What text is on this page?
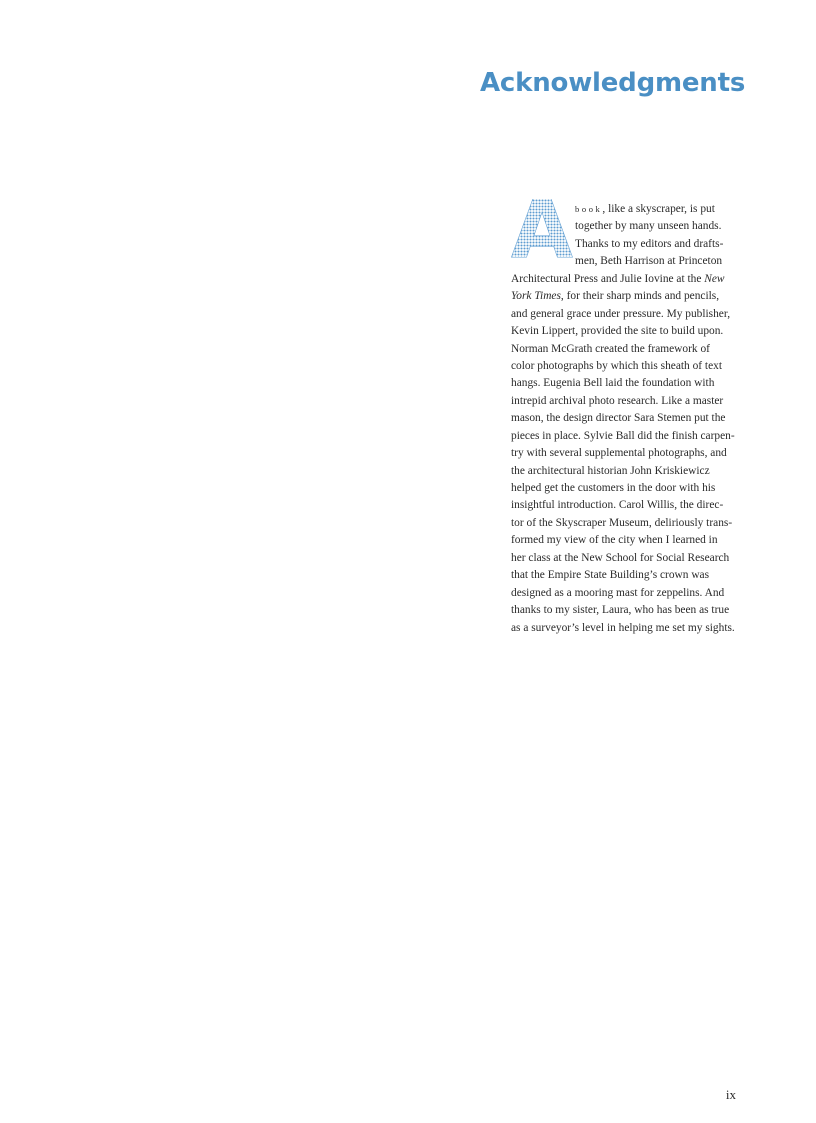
Acknowledgments
A book, like a skyscraper, is put
together by many unseen hands.
Thanks to my editors and drafts-
men, Beth Harrison at Princeton
Architectural Press and Julie Iovine at the New
York Times, for their sharp minds and pencils,
and general grace under pressure. My publisher,
Kevin Lippert, provided the site to build upon.
Norman McGrath created the framework of
color photographs by which this sheath of text
hangs. Eugenia Bell laid the foundation with
intrepid archival photo research. Like a master
mason, the design director Sara Stemen put the
pieces in place. Sylvie Ball did the finish carpen-
try with several supplemental photographs, and
the architectural historian John Kriskiewicz
helped get the customers in the door with his
insightful introduction. Carol Willis, the direc-
tor of the Skyscraper Museum, deliriously trans-
formed my view of the city when I learned in
her class at the New School for Social Research
that the Empire State Building’s crown was
designed as a mooring mast for zeppelins. And
thanks to my sister, Laura, who has been as true
as a surveyor’s level in helping me set my sights.
ix
